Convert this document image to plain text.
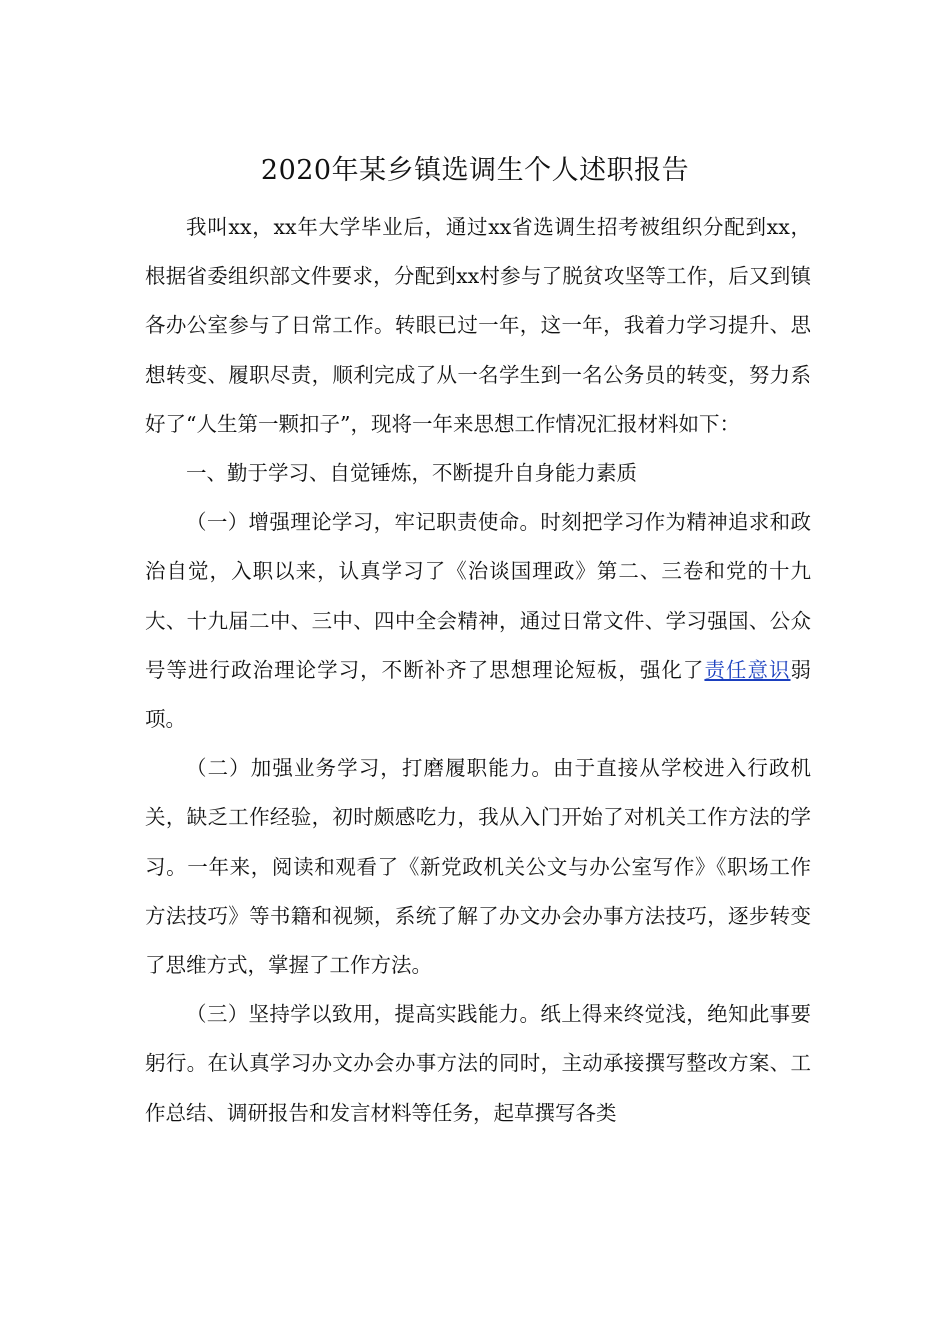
2020年某乡镇选调生个人述职报告

我叫xx，xx年大学毕业后，通过xx省选调生招考被组织分配到xx，根据省委组织部文件要求，分配到xx村参与了脱贫攻坚等工作，后又到镇各办公室参与了日常工作。转眼已过一年，这一年，我着力学习提升、思想转变、履职尽责，顺利完成了从一名学生到一名公务员的转变，努力系好了“人生第一颗扣子”，现将一年来思想工作情况汇报材料如下：

一、勤于学习、自觉锤炼，不断提升自身能力素质

（一）增强理论学习，牢记职责使命。时刻把学习作为精神追求和政治自觉，入职以来，认真学习了《治谈国理政》第二、三卷和党的十九大、十九届二中、三中、四中全会精神，通过日常文件、学习强国、公众号等进行政治理论学习，不断补齐了思想理论短板，强化了责任意识弱项。

（二）加强业务学习，打磨履职能力。由于直接从学校进入行政机关，缺乏工作经验，初时颇感吃力，我从入门开始了对机关工作方法的学习。一年来，阅读和观看了《新党政机关公文与办公室写作》《职场工作方法技巧》等书籍和视频，系统了解了办文办会办事方法技巧，逐步转变了思维方式，掌握了工作方法。

（三）坚持学以致用，提高实践能力。纸上得来终觉浅，绝知此事要躬行。在认真学习办文办会办事方法的同时，主动承接撰写整改方案、工作总结、调研报告和发言材料等任务，起草撰写各类
